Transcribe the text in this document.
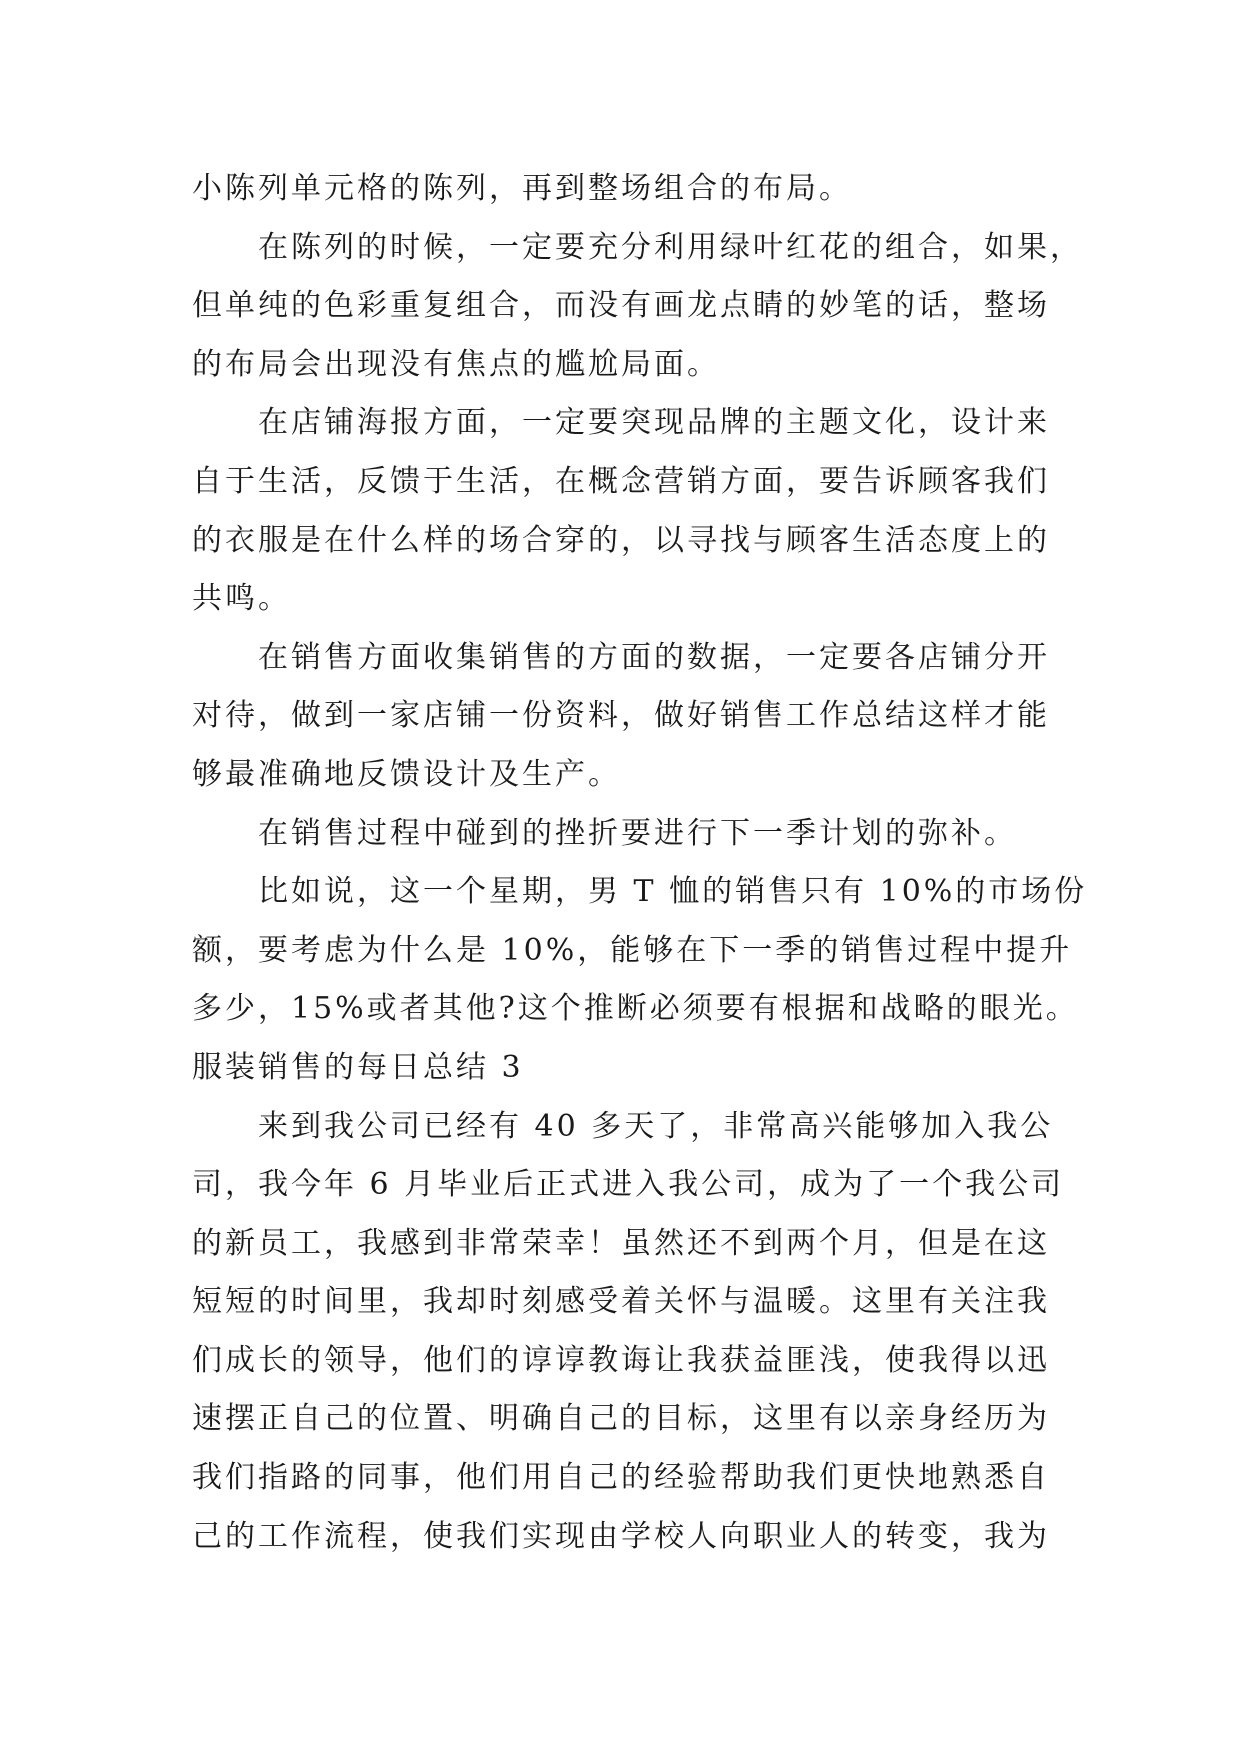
小陈列单元格的陈列，再到整场组合的布局。
在陈列的时候，一定要充分利用绿叶红花的组合，如果，
但单纯的色彩重复组合，而没有画龙点睛的妙笔的话，整场
的布局会出现没有焦点的尴尬局面。
在店铺海报方面，一定要突现品牌的主题文化，设计来
自于生活，反馈于生活，在概念营销方面，要告诉顾客我们
的衣服是在什么样的场合穿的，以寻找与顾客生活态度上的
共鸣。
在销售方面收集销售的方面的数据，一定要各店铺分开
对待，做到一家店铺一份资料，做好销售工作总结这样才能
够最准确地反馈设计及生产。
在销售过程中碰到的挫折要进行下一季计划的弥补。
比如说，这一个星期，男 T 恤的销售只有 10%的市场份
额，要考虑为什么是 10%，能够在下一季的销售过程中提升
多少，15%或者其他?这个推断必须要有根据和战略的眼光。
服装销售的每日总结 3
来到我公司已经有 40 多天了，非常高兴能够加入我公
司，我今年 6 月毕业后正式进入我公司，成为了一个我公司
的新员工，我感到非常荣幸！虽然还不到两个月，但是在这
短短的时间里，我却时刻感受着关怀与温暖。这里有关注我
们成长的领导，他们的谆谆教诲让我获益匪浅，使我得以迅
速摆正自己的位置、明确自己的目标，这里有以亲身经历为
我们指路的同事，他们用自己的经验帮助我们更快地熟悉自
己的工作流程，使我们实现由学校人向职业人的转变，我为
